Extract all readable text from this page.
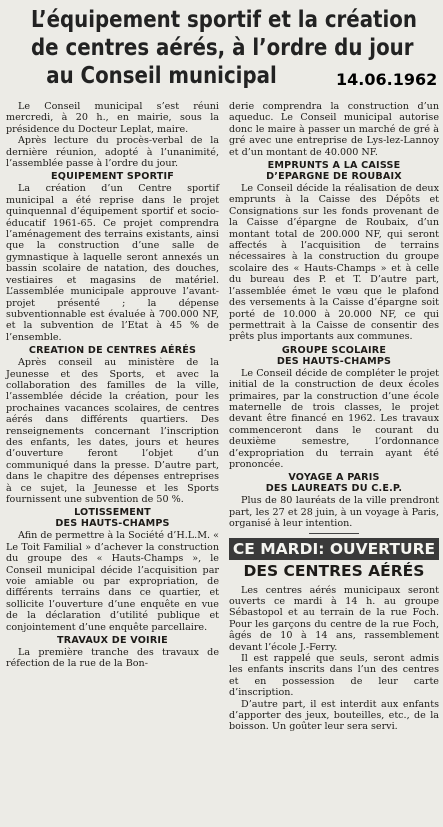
L’équipement sportif et la création
de centres aérés, à l’ordre du jour
au Conseil municipal	14.06.1962

Le Conseil municipal s’est réuni mercredi, à 20 h., en mairie, sous la présidence du Docteur Leplat, maire.

Après lecture du procès-verbal de la dernière réunion, adopté à l’unanimité, l’assemblée passe à l’ordre du jour.

EQUIPEMENT SPORTIF

La création d’un Centre sportif municipal a été reprise dans le projet quinquennal d’équipement sportif et socio-éducatif 1961-65. Ce projet comprendra l’aménagement des terrains existants, ainsi que la construction d’une salle de gymnastique à laquelle seront annexés un bassin scolaire de natation, des douches, vestiaires et magasins de matériel. L’assemblée municipale approuve l’avant-projet présenté ; la dépense subventionnable est évaluée à 700.000 NF, et la subvention de l’Etat à 45 % de l’ensemble.

CREATION DE CENTRES AÉRÉS

Après conseil au ministère de la Jeunesse et des Sports, et avec la collaboration des familles de la ville, l’assemblée décide la création, pour les prochaines vacances scolaires, de centres aérés dans différents quartiers. Des renseignements concernant l’inscription des enfants, les dates, jours et heures d’ouverture feront l’objet d’un communiqué dans la presse. D’autre part, dans le chapitre des dépenses entreprises à ce sujet, la Jeunesse et les Sports fournissent une subvention de 50 %.

LOTISSEMENT
DES HAUTS-CHAMPS

Afin de permettre à la Société d’H.L.M. « Le Toit Familial » d’achever la construction du groupe des « Hauts-Champs », le Conseil municipal décide l’acquisition par voie amiable ou par expropriation, de différents terrains dans ce quartier, et sollicite l’ouverture d’une enquête en vue de la déclaration d’utilité publique et conjointement d’une enquête parcellaire.

TRAVAUX DE VOIRIE

La première tranche des travaux de réfection de la rue de la Bon-

derie comprendra la construction d’un aqueduc. Le Conseil municipal autorise donc le maire à passer un marché de gré à gré avec une entreprise de Lys-lez-Lannoy et d’un montant de 40.000 NF.

EMPRUNTS A LA CAISSE
D’EPARGNE DE ROUBAIX

Le Conseil décide la réalisation de deux emprunts à la Caisse des Dépôts et Consignations sur les fonds provenant de la Caisse d’épargne de Roubaix, d’un montant total de 200.000 NF, qui seront affectés à l’acquisition de terrains nécessaires à la construction du groupe scolaire des « Hauts-Champs » et à celle du bureau des P. et T. D’autre part, l’assemblée émet le vœu que le plafond des versements à la Caisse d’épargne soit porté de 10.000 à 20.000 NF, ce qui permettrait à la Caisse de consentir des prêts plus importants aux communes.

GROUPE SCOLAIRE
DES HAUTS-CHAMPS

Le Conseil décide de compléter le projet initial de la construction de deux écoles primaires, par la construction d’une école maternelle de trois classes, le projet devant être financé en 1962. Les travaux commenceront dans le courant du deuxième semestre, l’ordonnance d’expropriation du terrain ayant été prononcée.

VOYAGE A PARIS
DES LAUREATS DU C.E.P.

Plus de 80 lauréats de la ville prendront part, les 27 et 28 juin, à un voyage à Paris, organisé à leur intention.

CE MARDI: OUVERTURE
DES CENTRES AÉRÉS

Les centres aérés municipaux seront ouverts ce mardi à 14 h. au groupe Sébastopol et au terrain de la rue Foch. Pour les garçons du centre de la rue Foch, âgés de 10 à 14 ans, rassemblement devant l’école J.-Ferry.

Il est rappelé que seuls, seront admis les enfants inscrits dans l’un des centres et en possession de leur carte d’inscription.

D’autre part, il est interdit aux enfants d’apporter des jeux, bouteilles, etc., de la boisson. Un goûter leur sera servi.
